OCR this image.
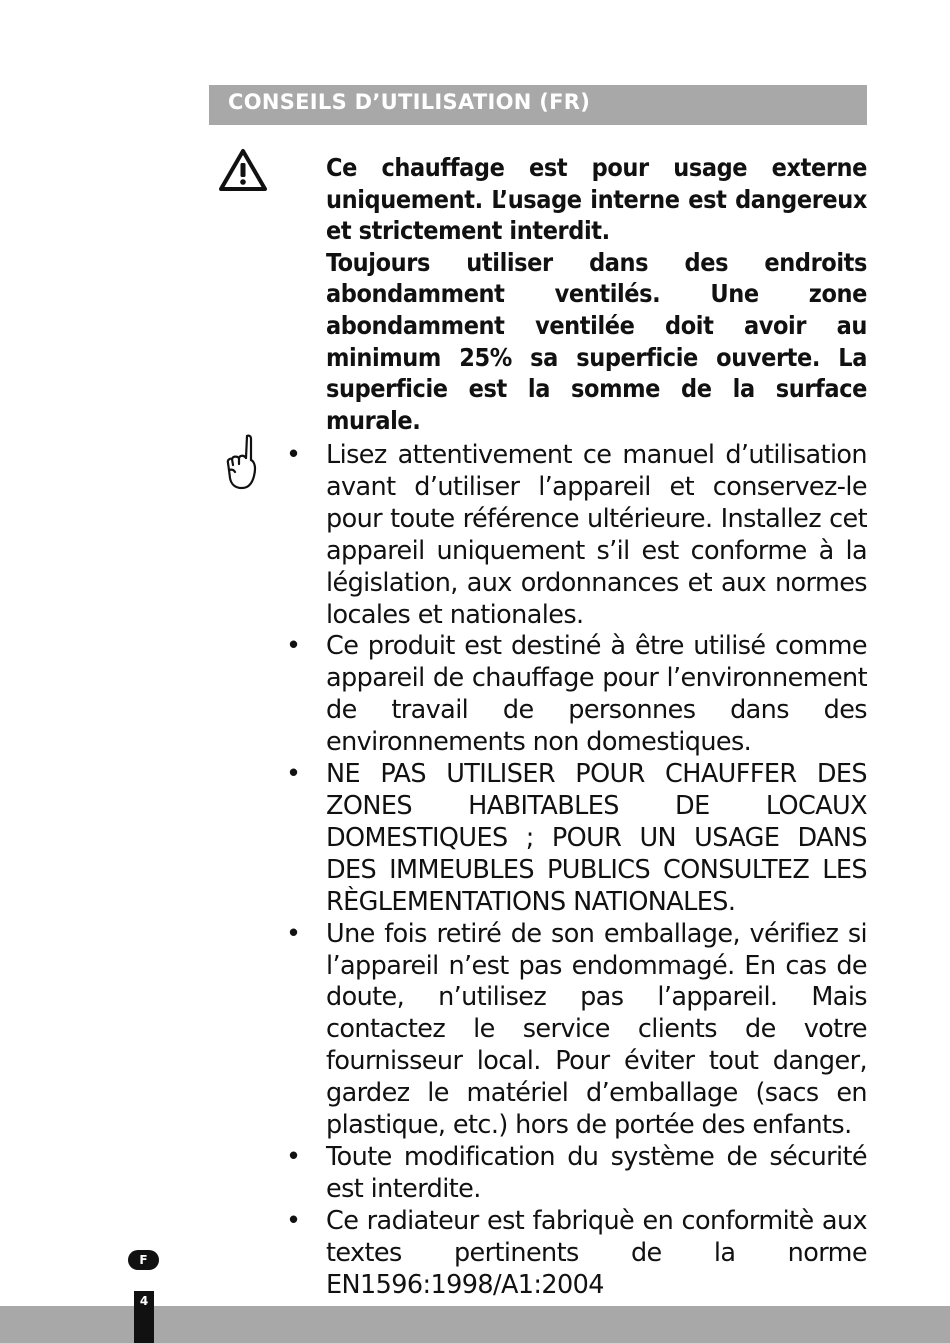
CONSEILS D’UTILISATION (FR)

Ce chauffage est pour usage externe uniquement. L’usage interne est dangereux et strictement interdit.

Toujours utiliser dans des endroits abondamment ventilés. Une zone abondamment ventilée doit avoir au minimum 25% sa superficie ouverte. La superficie est la somme de la surface murale.

• Lisez attentivement ce manuel d’utilisation avant d’utiliser l’appareil et conservez-le pour toute référence ultérieure. Installez cet appareil uniquement s’il est conforme à la législation, aux ordonnances et aux normes locales et nationales.
• Ce produit est destiné à être utilisé comme appareil de chauffage pour l’environnement de travail de personnes dans des environnements non domestiques.
• NE PAS UTILISER POUR CHAUFFER DES ZONES HABITABLES DE LOCAUX DOMESTIQUES ; POUR UN USAGE DANS DES IMMEUBLES PUBLICS CONSULTEZ LES RÈGLEMENTATIONS NATIONALES.
• Une fois retiré de son emballage, vérifiez si l’appareil n’est pas endommagé. En cas de doute, n’utilisez pas l’appareil. Mais contactez le service clients de votre fournisseur local. Pour éviter tout danger, gardez le matériel d’emballage (sacs en plastique, etc.) hors de portée des enfants.
• Toute modification du système de sécurité est interdite.
• Ce radiateur est fabriquè en conformitè aux textes pertinents de la norme EN1596:1998/A1:2004
F
4
